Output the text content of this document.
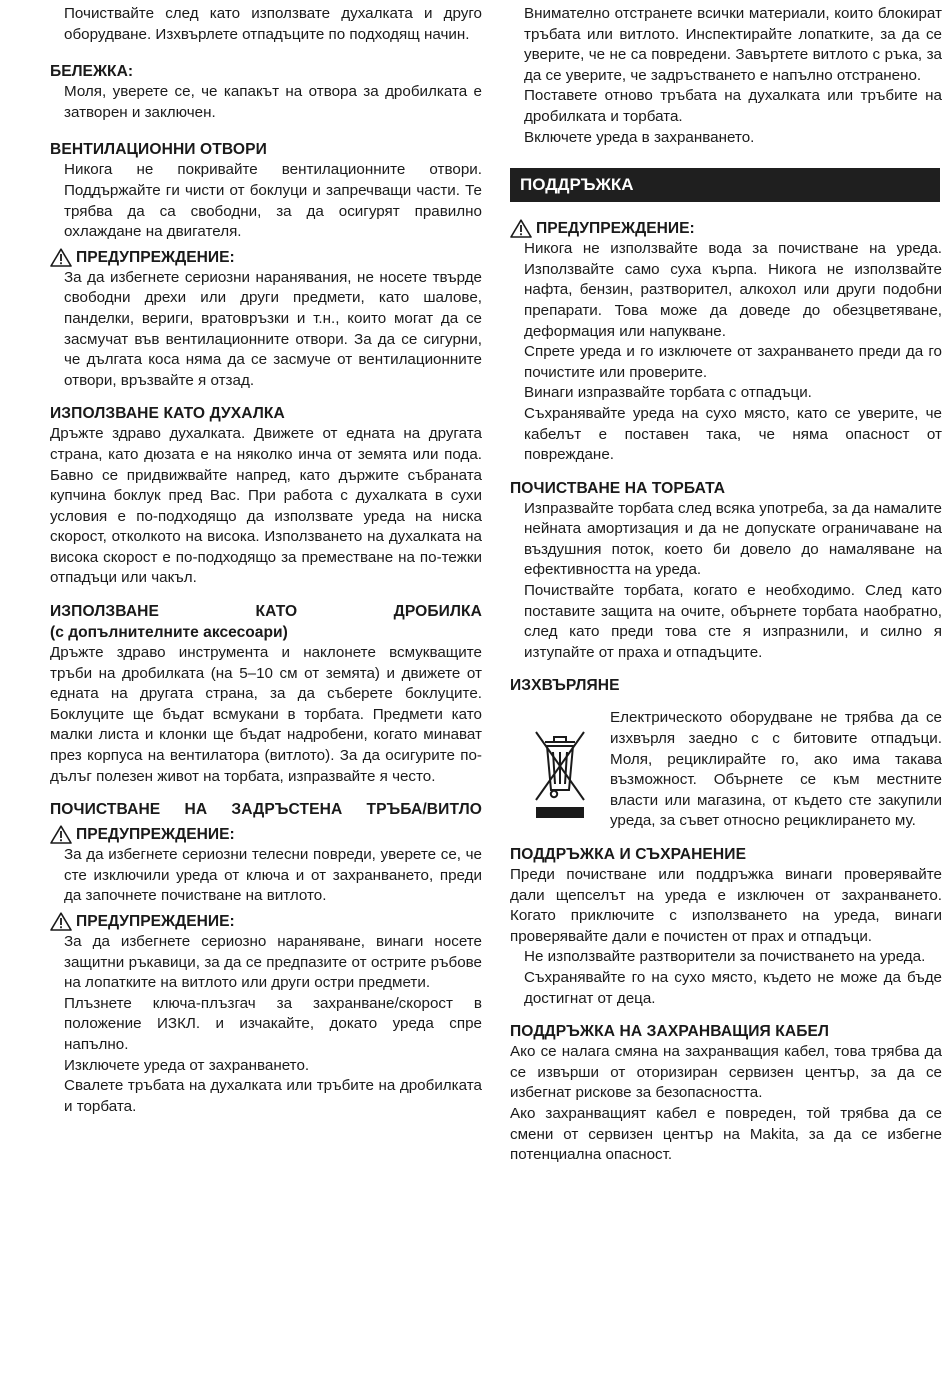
Почиствайте след като използвате духалката и друго оборудване. Изхвърлете отпадъците по подходящ начин.

БЕЛЕЖКА:

Моля, уверете се, че капакът на отвора за дробилката е затворен и заключен.

ВЕНТИЛАЦИОННИ ОТВОРИ

Никога не покривайте вентилационните отвори. Поддържайте ги чисти от боклуци и запречващи части. Те трябва да са свободни, за да осигурят правилно охлаждане на двигателя.

ПРЕДУПРЕЖДЕНИЕ:

За да избегнете сериозни наранявания, не носете твърде свободни дрехи или други предмети, като шалове, панделки, вериги, вратовръзки и т.н., които могат да се засмучат във вентилационните отвори. За да се сигурни, че дългата коса няма да се засмуче от вентилационните отвори, връзвайте я отзад.

ИЗПОЛЗВАНЕ КАТО ДУХАЛКА

Дръжте здраво духалката. Движете от едната на другата страна, като дюзата е на няколко инча от земята или пода. Бавно се придвижвайте напред, като държите събраната купчина боклук пред Вас. При работа с духалката в сухи условия е по-подходящо да използвате уреда на ниска скорост, отколкото на висока. Използването на духалката на висока скорост е по-подходящо за преместване на по-тежки отпадъци или чакъл.

ИЗПОЛЗВАНЕ КАТО ДРОБИЛКА
(с допълнителните аксесоари)

Дръжте здраво инструмента и наклонете всмукващите тръби на дробилката (на 5–10 см от земята) и движете от едната на другата страна, за да съберете боклуците. Боклуците ще бъдат всмукани в торбата. Предмети като малки листа и клонки ще бъдат надробени, когато минават през корпуса на вентилатора (витлото). За да осигурите по-дълъг полезен живот на торбата, изпразвайте я често.

ПОЧИСТВАНЕ НА ЗАДРЪСТЕНА ТРЪБА/ВИТЛО
ПРЕДУПРЕЖДЕНИЕ:

За да избегнете сериозни телесни повреди, уверете се, че сте изключили уреда от ключа и от захранването, преди да започнете почистване на витлото.

ПРЕДУПРЕЖДЕНИЕ:

За да избегнете сериозно нараняване, винаги носете защитни ръкавици, за да се предпазите от острите ръбове на лопатките на витлото или други остри предмети.

Плъзнете ключа-плъзгач за захранване/скорост в положение ИЗКЛ. и изчакайте, докато уреда спре напълно.

Изключете уреда от захранването.

Свалете тръбата на духалката или тръбите на дробилката и торбата.

Внимателно отстранете всички материали, които блокират тръбата или витлото. Инспектирайте лопатките, за да се уверите, че не са повредени. Завъртете витлото с ръка, за да се уверите, че задръстването е напълно отстранено.

Поставете отново тръбата на духалката или тръбите на дробилката и торбата.

Включете уреда в захранването.

ПОДДРЪЖКА
ПРЕДУПРЕЖДЕНИЕ:

Никога не използвайте вода за почистване на уреда. Използвайте само суха кърпа. Никога не използвайте нафта, бензин, разтворител, алкохол или други подобни препарати. Това може да доведе до обезцветяване, деформация или напукване.

Спрете уреда и го изключете от захранването преди да го почистите или проверите.

Винаги изпразвайте торбата с отпадъци.

Съхранявайте уреда на сухо място, като се уверите, че кабелът е поставен така, че няма опасност от повреждане.

ПОЧИСТВАНЕ НА ТОРБАТА

Изпразвайте торбата след всяка употреба, за да намалите нейната амортизация и да не допускате ограничаване на въздушния поток, което би довело до намаляване на ефективността на уреда.

Почиствайте торбата, когато е необходимо. След като поставите защита на очите, обърнете торбата наобратно, след като преди това сте я изпразнили, и силно я изтупайте от праха и отпадъците.

ИЗХВЪРЛЯНЕ

Електрическото оборудване не трябва да се изхвърля заедно с с битовите отпадъци. Моля, рециклирайте го, ако има такава възможност. Обърнете се към местните власти или магазина, от където сте закупили уреда, за съвет относно рециклирането му.

ПОДДРЪЖКА И СЪХРАНЕНИЕ

Преди почистване или поддръжка винаги проверявайте дали щепселът на уреда е изключен от захранването. Когато приключите с използването на уреда, винаги проверявайте дали е почистен от прах и отпадъци.

Не използвайте разтворители за почистването на уреда.

Съхранявайте го на сухо място, където не може да бъде достигнат от деца.

ПОДДРЪЖКА НА ЗАХРАНВАЩИЯ КАБЕЛ

Ако се налага смяна на захранващия кабел, това трябва да се извърши от оторизиран сервизен център, за да се избегнат рискове за безопасността.

Ако захранващият кабел е повреден, той трябва да се смени от сервизен център на Makita, за да се избегне потенциална опасност.
